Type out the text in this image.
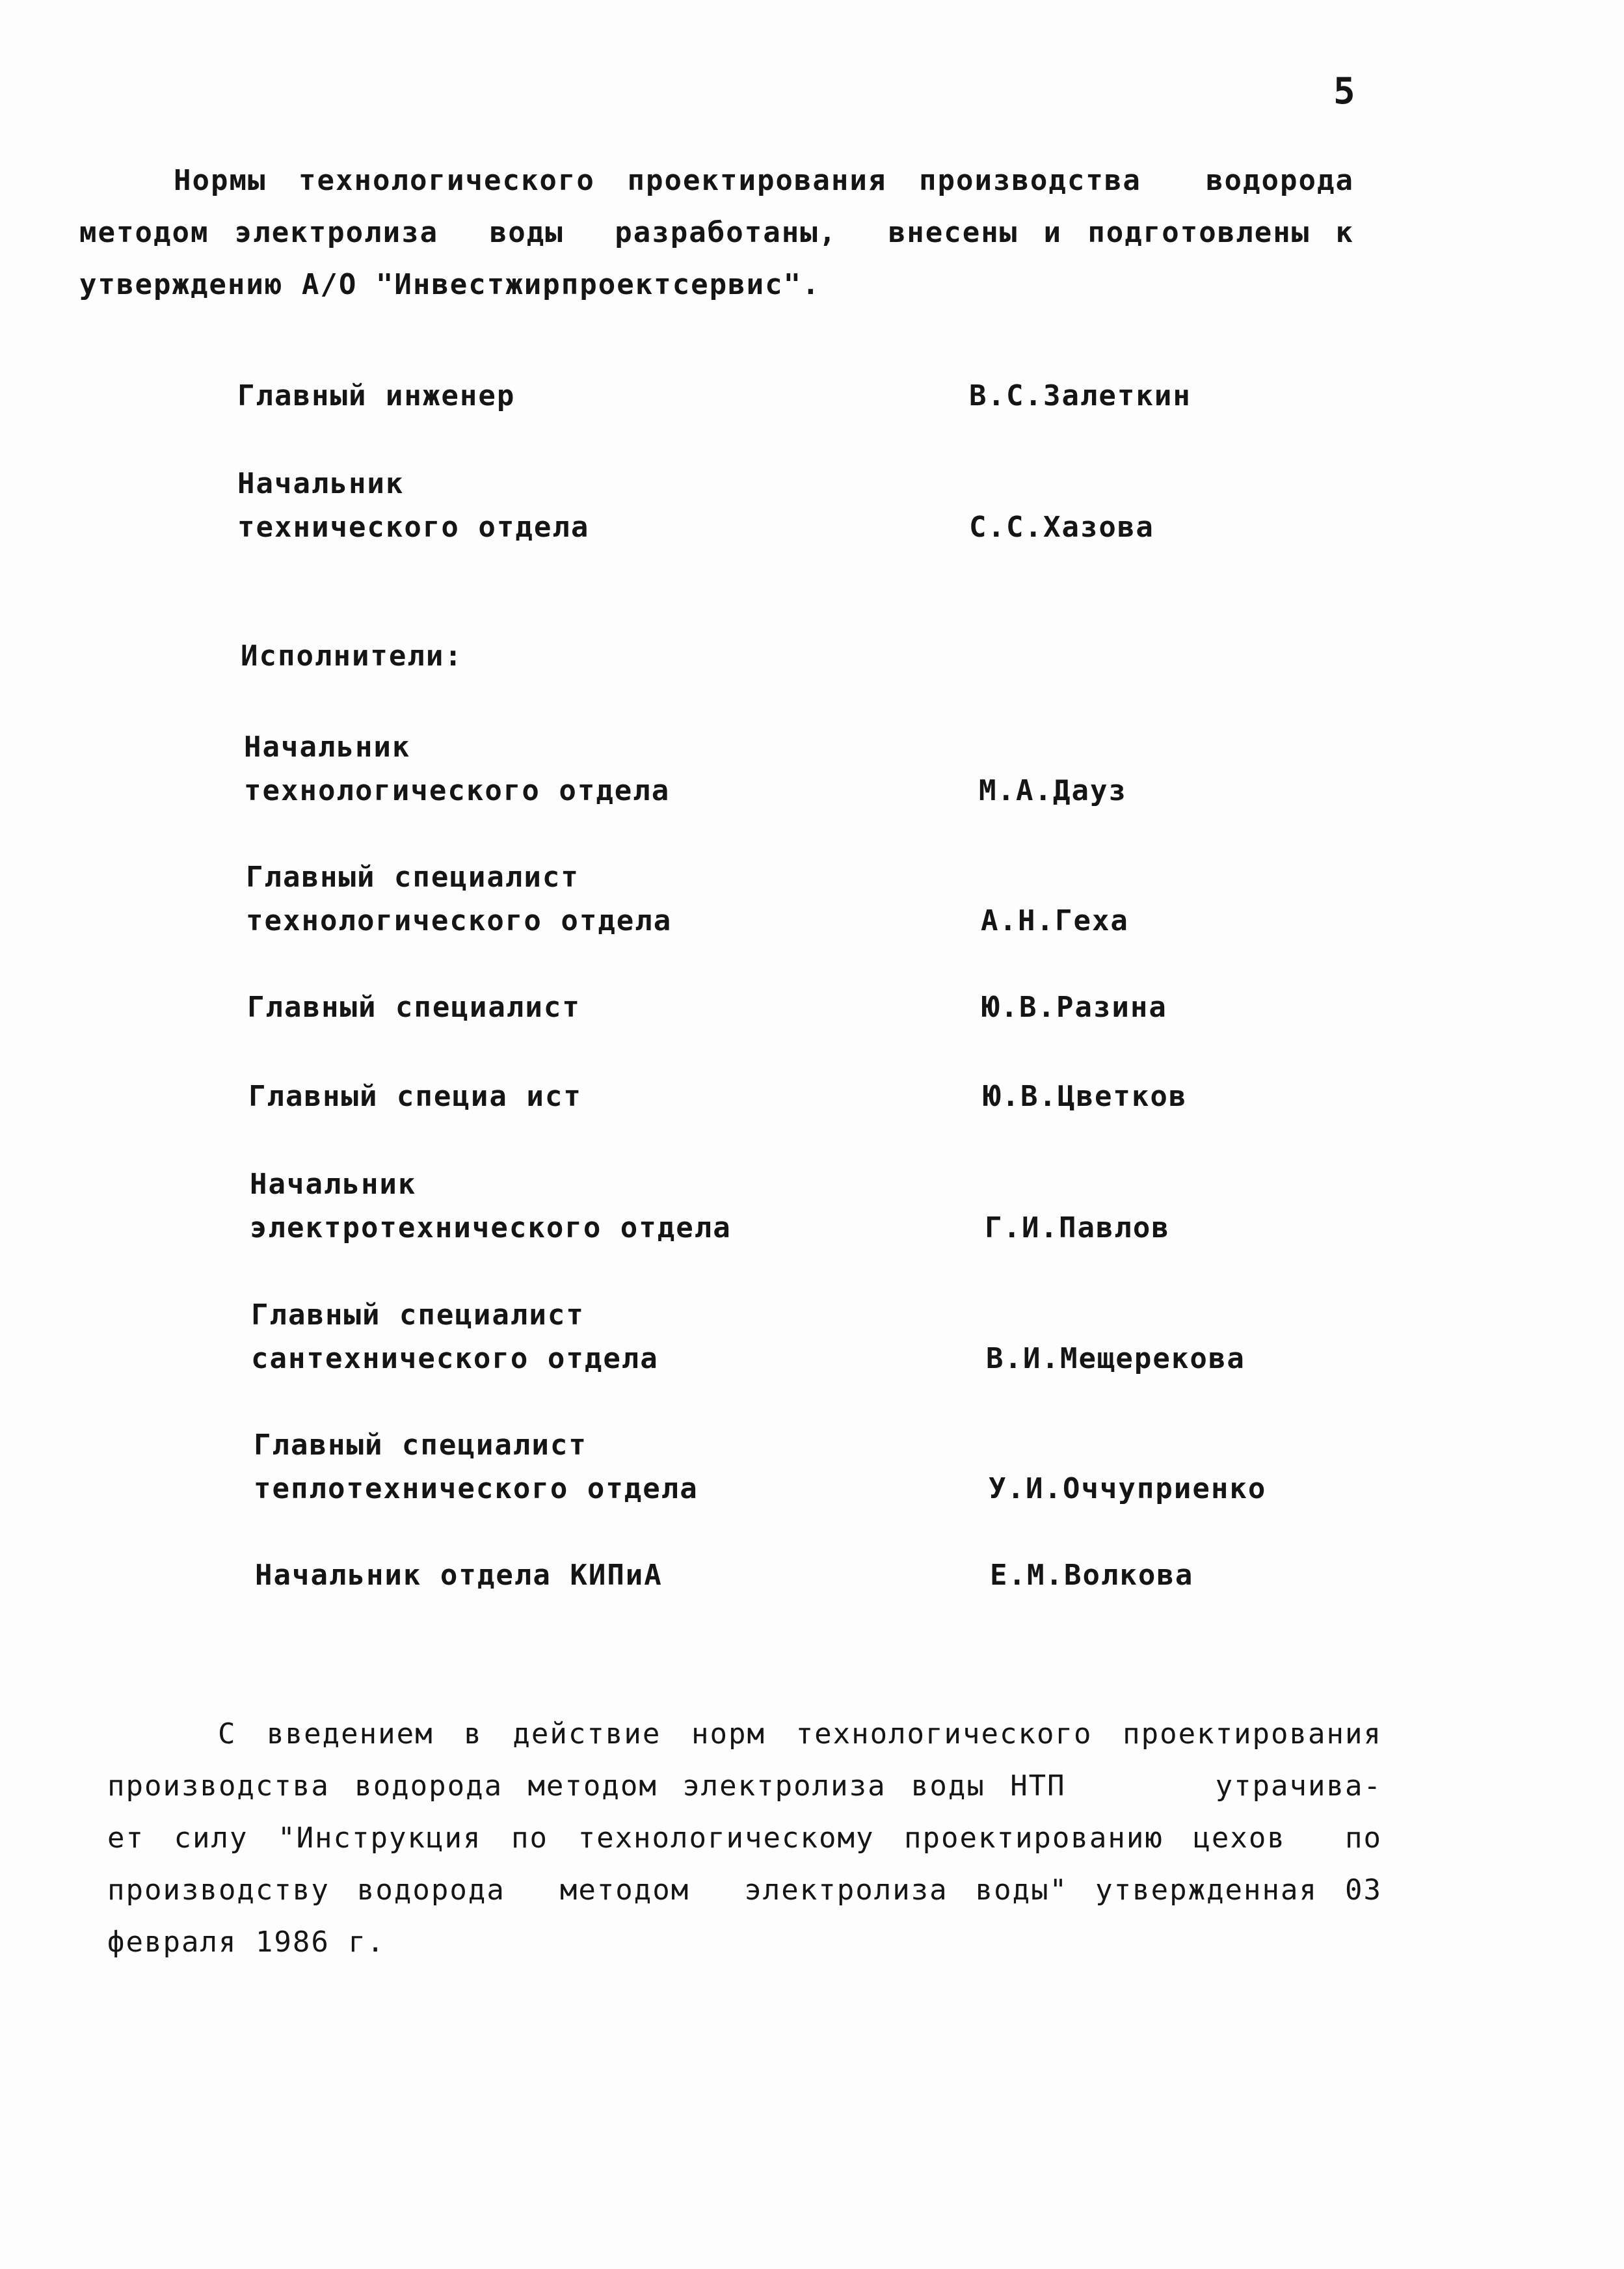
5
Нормы технологического проектирования производства  водорода
методом электролиза  воды  разработаны,  внесены и подготовлены к
утверждению А/О "Инвестжирпроектсервис".
Главный инженер	В.С.Залеткин
Начальник
технического отдела	С.С.Хазова
Исполнители:
Начальник
технологического отдела	М.А.Дауз
Главный специалист
технологического отдела	А.Н.Геха
Главный специалист	Ю.В.Разина
Главный специа ист	Ю.В.Цветков
Начальник
электротехнического отдела	Г.И.Павлов
Главный специалист
сантехнического отдела	В.И.Мещерекова
Главный специалист
теплотехнического отдела	У.И.Оччуприенко
Начальник отдела КИПиА	Е.М.Волкова
С введением в действие норм технологического проектирования
производства водорода методом электролиза воды НТП      утрачива-
ет силу "Инструкция по технологическому проектированию цехов  по
производству водорода  методом  электролиза воды" утвержденная 03
февраля 1986 г.
